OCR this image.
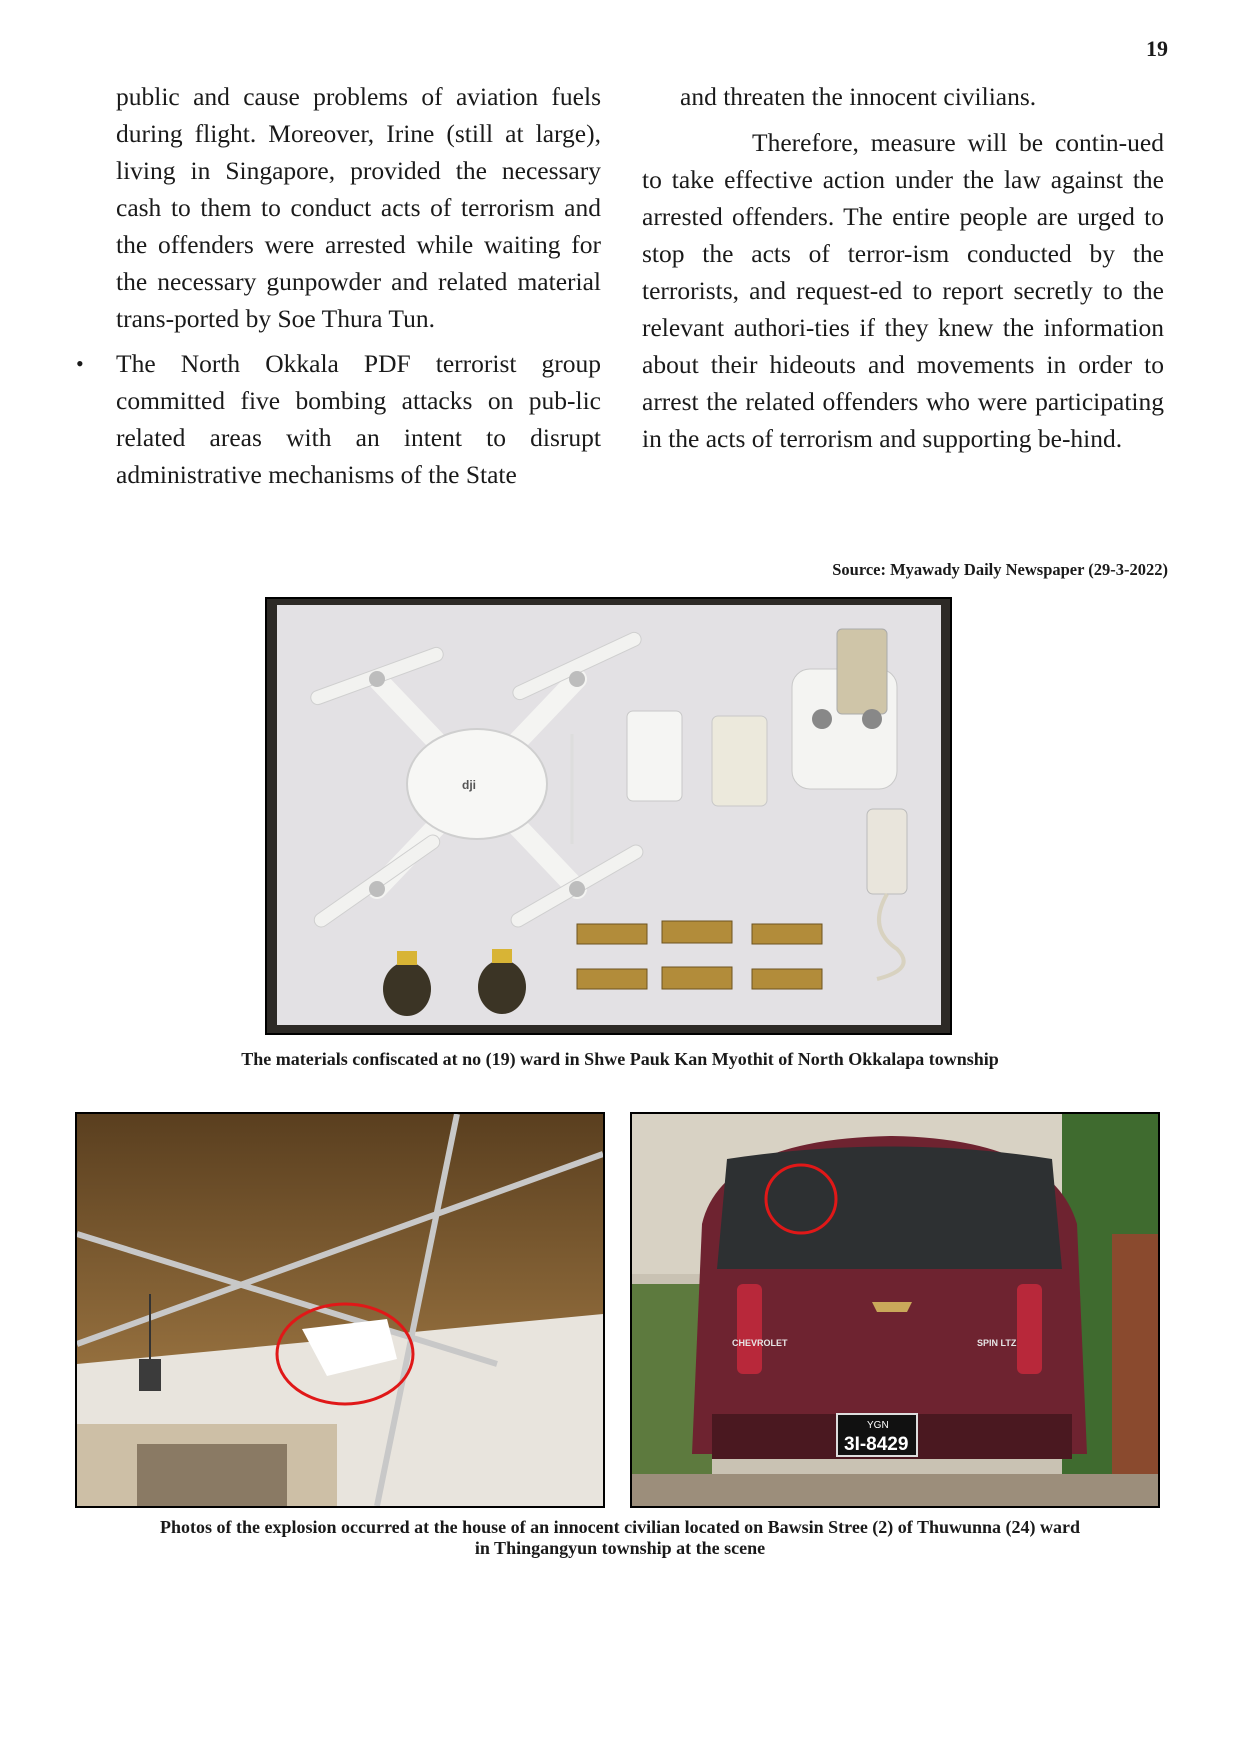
19

public and cause problems of aviation fuels during flight. Moreover, Irine (still at large), living in Singapore, provided the necessary cash to them to conduct acts of terrorism and the offenders were arrested while waiting for the necessary gunpowder and related material trans-ported by Soe Thura Tun.

• The North Okkala PDF terrorist group committed five bombing attacks on pub-lic related areas with an intent to disrupt administrative mechanisms of the State

and threaten the innocent civilians.

Therefore, measure will be contin-ued to take effective action under the law against the arrested offenders. The entire people are urged to stop the acts of terror-ism conducted by the terrorists, and request-ed to report secretly to the relevant authori-ties if they knew the information about their hideouts and movements in order to arrest the related offenders who were participating in the acts of terrorism and supporting be-hind.

Source: Myawady Daily Newspaper (29-3-2022)
dji
The materials confiscated at no (19) ward in Shwe Pauk Kan Myothit of North Okkalapa township
CHEVROLET	SPIN LTZ
YGN
3I-8429
Photos of the explosion occurred at the house of an innocent civilian located on Bawsin Stree (2) of Thuwunna (24) ward
in Thingangyun township at the scene
